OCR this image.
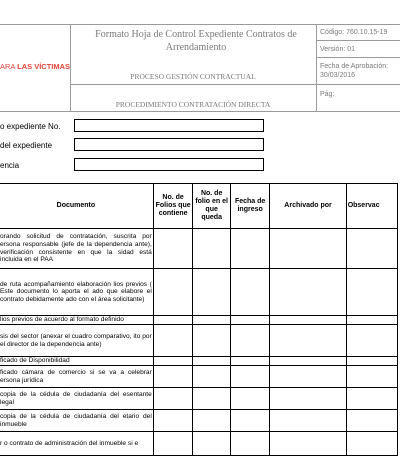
ARA LAS VÍCTIMAS
Formato Hoja de Control Expediente Contratos de Arrendamiento
PROCESO GESTIÓN CONTRACTUAL
PROCEDIMIENTO CONTRATACIÓN DIRECTA
Código: 760.10.15-19
Versión: 01
Fecha de Aprobación: 30/03/2016
Pág:
o expediente No.
del expediente
encia
Documento	No. de Folios que contiene	No. de folio en el que queda	Fecha de ingreso	Archivado por	Observac
orando solicitud de contratación, suscrita por ersona responsable (jefe de la dependencia ante), verificación consistente en que la sidad está incluida en el PAA					
de ruta acompañamiento elaboración lios previos ( Este documento lo aporta el ado que elabore el contrato debidamente ado con el área solicitante)					
lios previos de acuerdo al formato definido					
sis del sector (anexar el cuadro comparativo, ito por el director de la dependencia ante)					
ficado de Disponibilidad					
ficado cámara de comercio si se va a celebrar ersona jurídica					
copia de la cédula de ciudadanía del esentante legal					
copia de la cédula de ciudadanía del etario del inmueble					
r o contrato de administración del inmueble si e					
